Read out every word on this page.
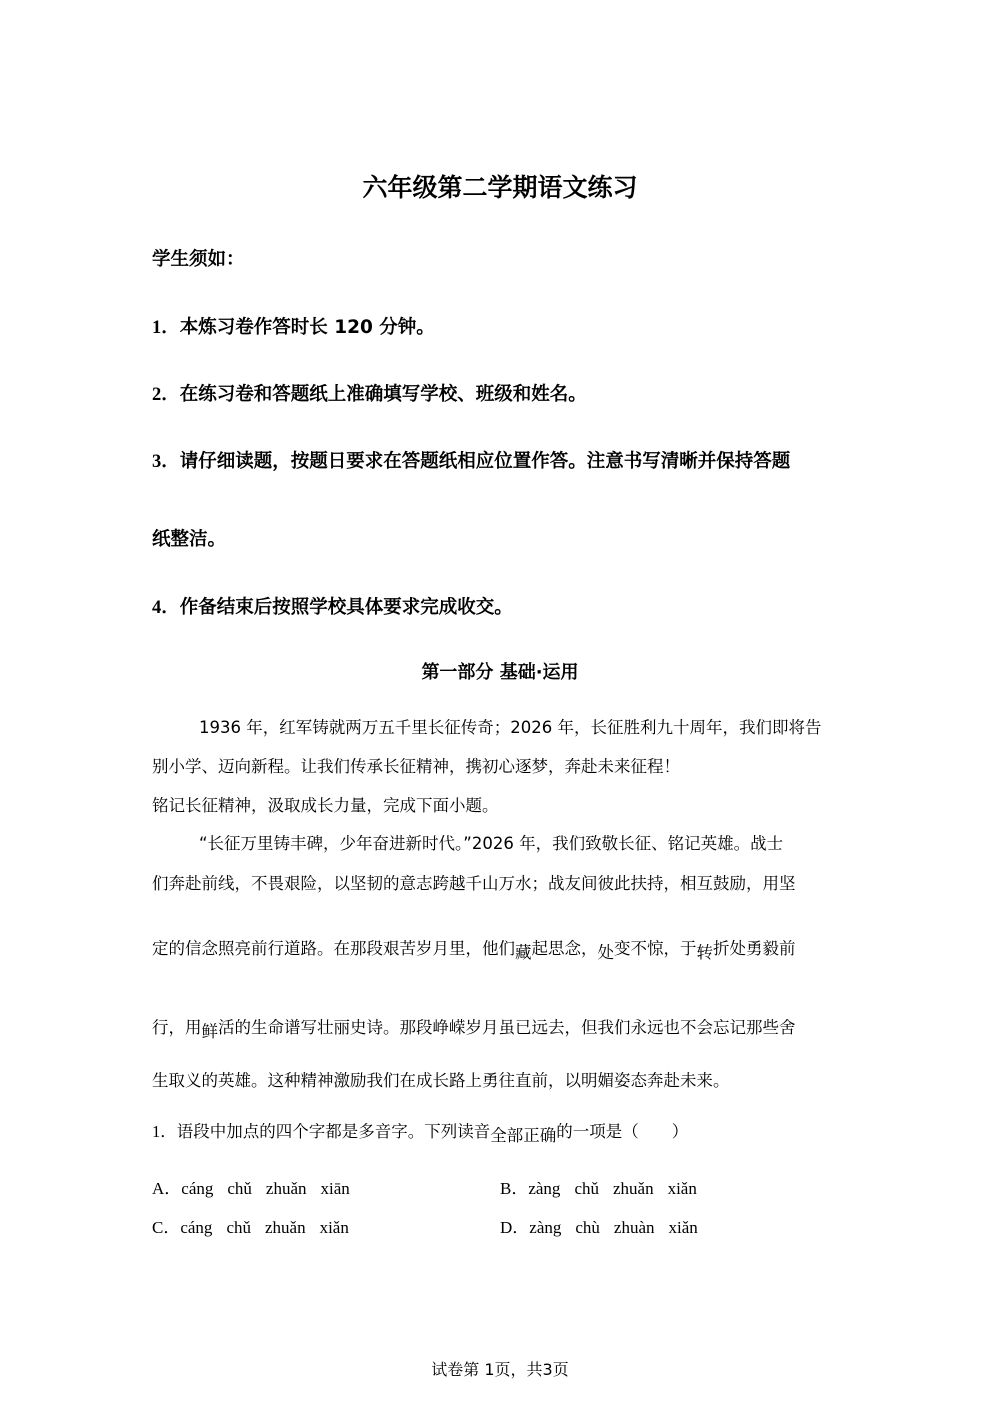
六年级第二学期语文练习
学生须如：
1．本炼习卷作答时长 120 分钟。
2．在练习卷和答题纸上准确填写学校、班级和姓名。
3．请仔细读题，按题日要求在答题纸相应位置作答。注意书写清晰并保持答题
纸整洁。
4．作备结束后按照学校具体要求完成收交。
第一部分 基础·运用
1936 年，红军铸就两万五千里长征传奇；2026 年，长征胜利九十周年，我们即将告
别小学、迈向新程。让我们传承长征精神，携初心逐梦，奔赴未来征程！
铭记长征精神，汲取成长力量，完成下面小题。
“长征万里铸丰碑，少年奋进新时代。”2026 年，我们致敬长征、铭记英雄。战士
们奔赴前线，不畏艰险，以坚韧的意志跨越千山万水；战友间彼此扶持，相互鼓励，用坚
定的信念照亮前行道路。在那段艰苦岁月里，他们藏起思念，处变不惊，于转折处勇毅前
行，用鲜活的生命谱写壮丽史诗。那段峥嵘岁月虽已远去，但我们永远也不会忘记那些舍
生取义的英雄。这种精神激励我们在成长路上勇往直前，以明媚姿态奔赴未来。
1．语段中加点的四个字都是多音字。下列读音全部正确的一项是（　　）
A．cáng chǔ zhuǎn xiān	B．zàng chǔ zhuǎn xiǎn
C．cáng chǔ zhuǎn xiǎn	D．zàng chù zhuàn xiǎn
试卷第 1页，共3页
